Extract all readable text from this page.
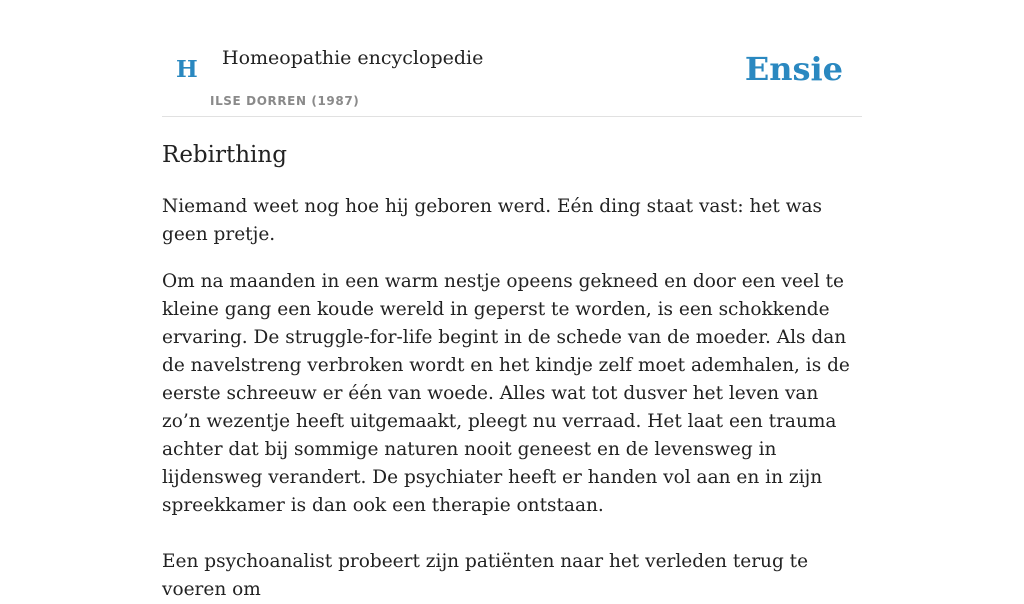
H Homeopathie encyclopedie
ILSE DORREN (1987)
Ensie
Rebirthing

Niemand weet nog hoe hij geboren werd. Eén ding staat vast: het was geen pretje.

Om na maanden in een warm nestje opeens gekneed en door een veel te kleine gang een koude wereld in geperst te worden, is een schokkende ervaring. De struggle-for-life begint in de schede van de moeder. Als dan de navelstreng verbroken wordt en het kindje zelf moet ademhalen, is de eerste schreeuw er één van woede. Alles wat tot dusver het leven van zo’n wezentje heeft uitgemaakt, pleegt nu verraad. Het laat een trauma achter dat bij sommige naturen nooit geneest en de levensweg in lijdensweg verandert. De psychiater heeft er handen vol aan en in zijn spreekkamer is dan ook een therapie ontstaan.

Een psychoanalist probeert zijn patiënten naar het verleden terug te voeren om
